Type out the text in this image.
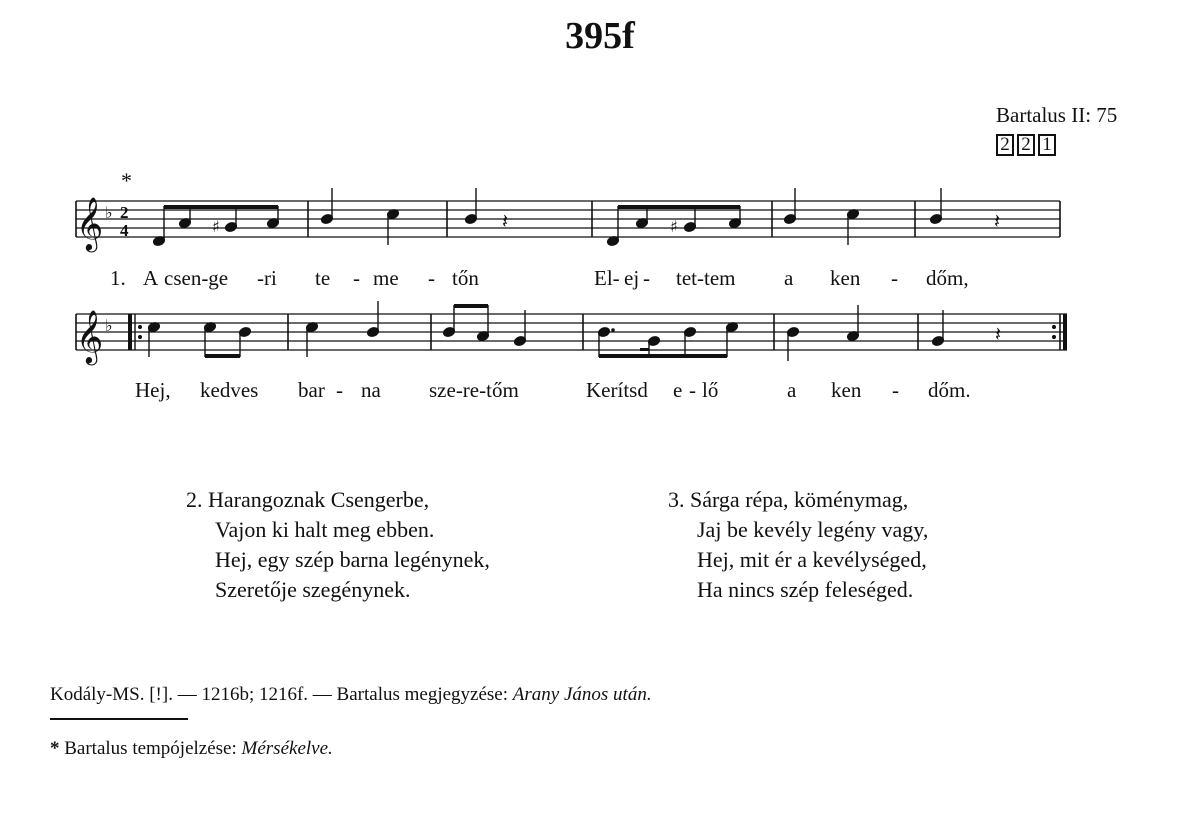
395f
Bartalus II: 75
2 2 1
*
𝄞 ♭ 2
4	♯	𝄽	♯	𝄽
1. A csen-ge -ri te - me - tőn	El- ej - tet-tem a ken - dőm,
𝄞 ♭	𝄽
Hej, kedves bar - na sze-re-tőm	Kerítsd e - lő	a ken - dőm.
2. Harangoznak Csengerbe,
Vajon ki halt meg ebben.
Hej, egy szép barna legénynek,
Szeretője szegénynek.
3. Sárga répa, köménymag,
Jaj be kevély legény vagy,
Hej, mit ér a kevélységed,
Ha nincs szép feleséged.
Kodály-MS. [!]. — 1216b; 1216f. — Bartalus megjegyzése: Arany János után.
* Bartalus tempójelzése: Mérsékelve.
